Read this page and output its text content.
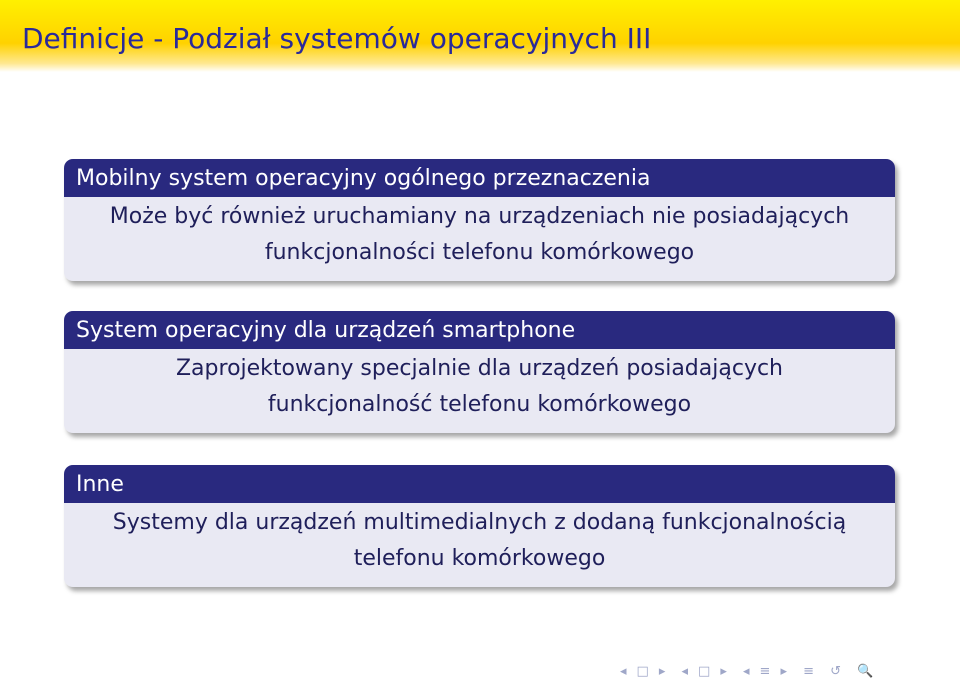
Definicje - Podział systemów operacyjnych III
Mobilny system operacyjny ogólnego przeznaczenia
Może być również uruchamiany na urządzeniach nie posiadających
funkcjonalności telefonu komórkowego
System operacyjny dla urządzeń smartphone
Zaprojektowany specjalnie dla urządzeń posiadających
funkcjonalność telefonu komórkowego
Inne
Systemy dla urządzeń multimedialnych z dodaną funkcjonalnością
telefonu komórkowego
◂ □ ▸ ◂ □ ▸ ◂ ≡ ▸ ≡ ↺ 🔍
